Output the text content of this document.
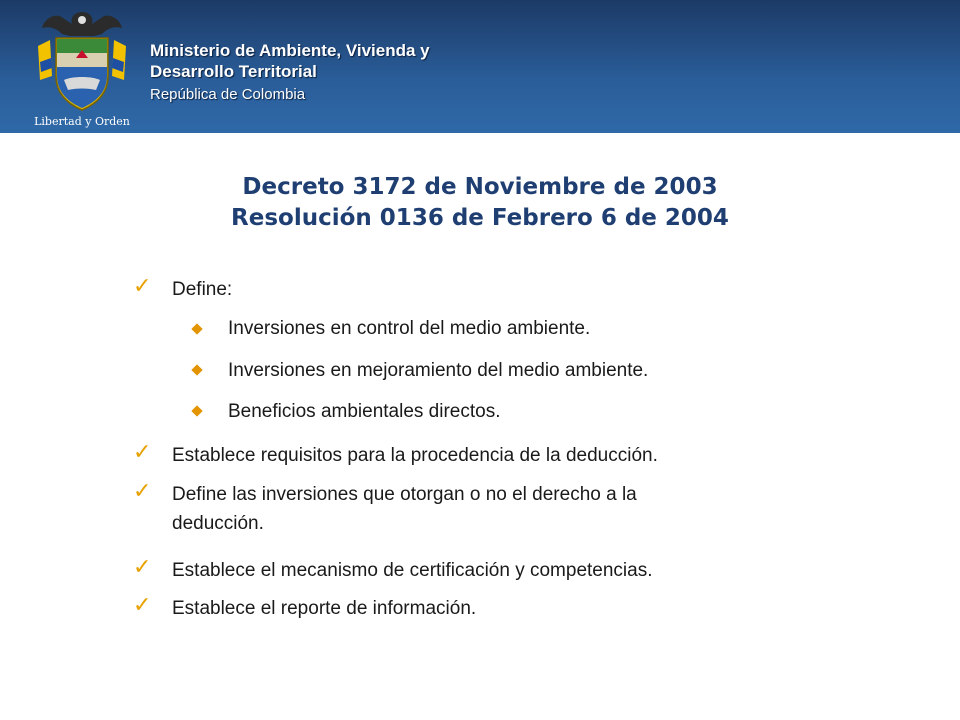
Libertad y Orden
Ministerio de Ambiente, Vivienda y
Desarrollo Territorial
República de Colombia
Decreto 3172 de Noviembre de 2003
Resolución 0136 de Febrero 6 de 2004
✓ Define:
Inversiones en control del medio ambiente.
Inversiones en mejoramiento del medio ambiente.
Beneficios ambientales directos.
✓ Establece requisitos para la procedencia de la deducción.
✓ Define las inversiones que otorgan o no el derecho a la
deducción.
✓ Establece el mecanismo de certificación y competencias.
✓ Establece el reporte de información.
